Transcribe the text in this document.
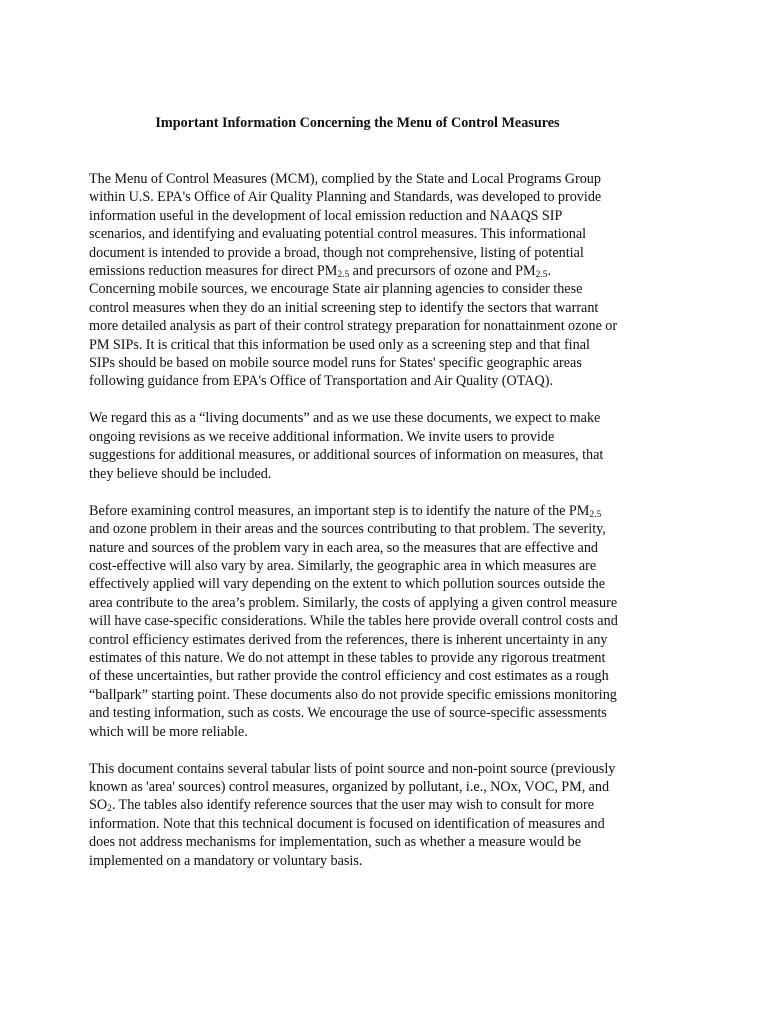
Important Information Concerning the Menu of Control Measures

The Menu of Control Measures (MCM), complied by the State and Local Programs Group within U.S. EPA's Office of Air Quality Planning and Standards, was developed to provide information useful in the development of local emission reduction and NAAQS SIP scenarios, and identifying and evaluating potential control measures. This informational document is intended to provide a broad, though not comprehensive, listing of potential emissions reduction measures for direct $PM_{2.5}$ and precursors of ozone and $PM_{2.5}$. Concerning mobile sources, we encourage State air planning agencies to consider these control measures when they do an initial screening step to identify the sectors that warrant more detailed analysis as part of their control strategy preparation for nonattainment ozone or PM SIPs. It is critical that this information be used only as a screening step and that final SIPs should be based on mobile source model runs for States' specific geographic areas following guidance from EPA's Office of Transportation and Air Quality (OTAQ).

We regard this as a “living documents” and as we use these documents, we expect to make ongoing revisions as we receive additional information. We invite users to provide suggestions for additional measures, or additional sources of information on measures, that they believe should be included.

Before examining control measures, an important step is to identify the nature of the $PM_{2.5}$ and ozone problem in their areas and the sources contributing to that problem. The severity, nature and sources of the problem vary in each area, so the measures that are effective and cost-effective will also vary by area. Similarly, the geographic area in which measures are effectively applied will vary depending on the extent to which pollution sources outside the area contribute to the area’s problem. Similarly, the costs of applying a given control measure will have case-specific considerations. While the tables here provide overall control costs and control efficiency estimates derived from the references, there is inherent uncertainty in any estimates of this nature. We do not attempt in these tables to provide any rigorous treatment of these uncertainties, but rather provide the control efficiency and cost estimates as a rough “ballpark” starting point. These documents also do not provide specific emissions monitoring and testing information, such as costs. We encourage the use of source-specific assessments which will be more reliable.

This document contains several tabular lists of point source and non-point source (previously known as 'area' sources) control measures, organized by pollutant, i.e., NOx, VOC, PM, and $SO_2$. The tables also identify reference sources that the user may wish to consult for more information. Note that this technical document is focused on identification of measures and does not address mechanisms for implementation, such as whether a measure would be implemented on a mandatory or voluntary basis.
